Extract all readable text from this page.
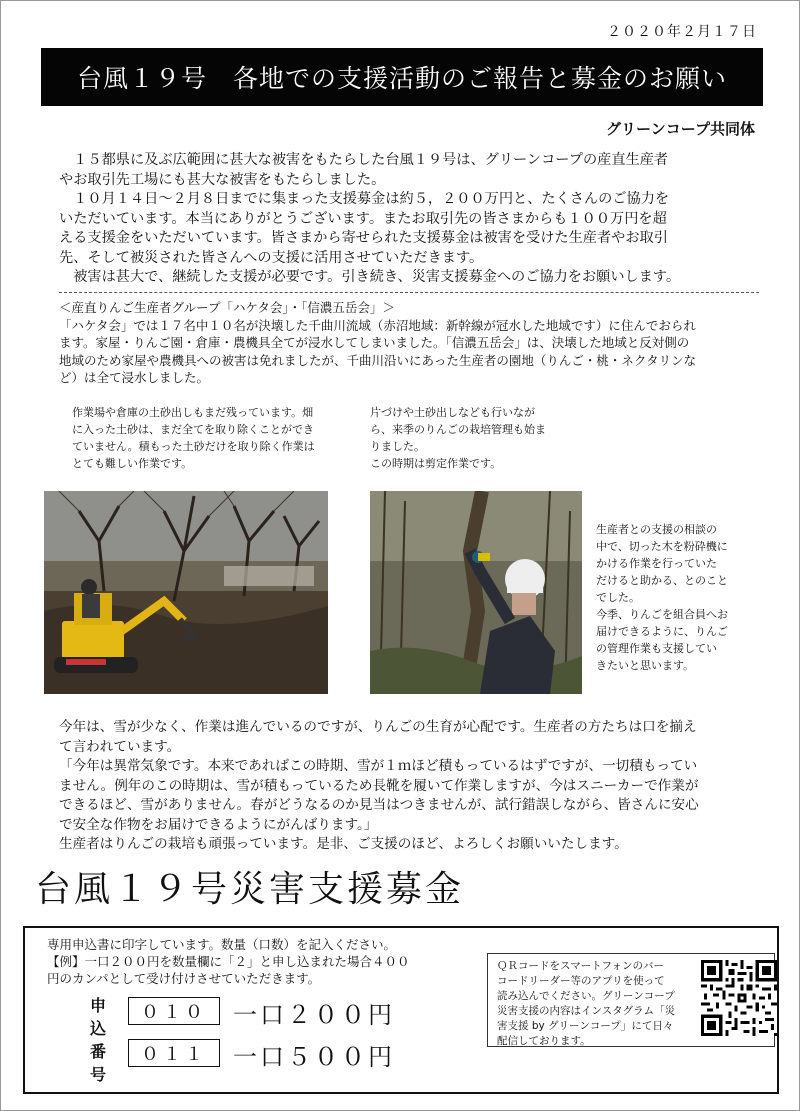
２０２０年２月１７日
台風１９号　各地での支援活動のご報告と募金のお願い
グリーンコープ共同体

　１５都県に及ぶ広範囲に甚大な被害をもたらした台風１９号は、グリーンコープの産直生産者

やお取引先工場にも甚大な被害をもたらしました。

　１０月１４日～２月８日までに集まった支援募金は約５，２００万円と、たくさんのご協力を

いただいています。本当にありがとうございます。またお取引先の皆さまからも１００万円を超

える支援金をいただいています。皆さまから寄せられた支援募金は被害を受けた生産者やお取引

先、そして被災された皆さんへの支援に活用させていただきます。

　被害は甚大で、継続した支援が必要です。引き続き、災害支援募金へのご協力をお願いします。

＜産直りんご生産者グループ「ハケタ会」・「信濃五岳会」＞

「ハケタ会」では１７名中１０名が決壊した千曲川流域（赤沼地域：新幹線が冠水した地域です）に住んでおられ

ます。家屋・りんご園・倉庫・農機具全てが浸水してしまいました。「信濃五岳会」は、決壊した地域と反対側の

地域のため家屋や農機具への被害は免れましたが、千曲川沿いにあった生産者の園地（りんご・桃・ネクタリンな

ど）は全て浸水しました。

作業場や倉庫の土砂出しもまだ残っています。畑

に入った土砂は、まだ全てを取り除くことができ

ていません。積もった土砂だけを取り除く作業は

とても難しい作業です。

片づけや土砂出しなども行いなが

ら、来季のりんごの栽培管理も始ま

りました。

この時期は剪定作業です。

生産者との支援の相談の

中で、切った木を粉砕機に

かける作業を行っていた

だけると助かる、とのこと

でした。

今季、りんごを組合員へお

届けできるように、りんご

の管理作業も支援してい

きたいと思います。

今年は、雪が少なく、作業は進んでいるのですが、りんごの生育が心配です。生産者の方たちは口を揃え

て言われています。

「今年は異常気象です。本来であればこの時期、雪が１ｍほど積もっているはずですが、一切積もってい

ません。例年のこの時期は、雪が積もっているため長靴を履いて作業しますが、今はスニーカーで作業が

できるほど、雪がありません。春がどうなるのか見当はつきませんが、試行錯誤しながら、皆さんに安心

で安全な作物をお届けできるようにがんばります。」

生産者はりんごの栽培も頑張っています。是非、ご支援のほど、よろしくお願いいたします。

台風１９号災害支援募金

専用申込書に印字しています。数量（口数）を記入ください。

【例】一口２００円を数量欄に「２」と申し込まれた場合４００

円のカンパとして受け付けさせていただきます。

申
込
番
号
０１０	一口２００円
０１１	一口５００円

ＱＲコードをスマートフォンのバー

コードリーダー等のアプリを使って

読み込んでください。グリーンコープ

災害支援の内容はインスタグラム「災

害支援 by グリーンコープ」にて日々

配信しております。
